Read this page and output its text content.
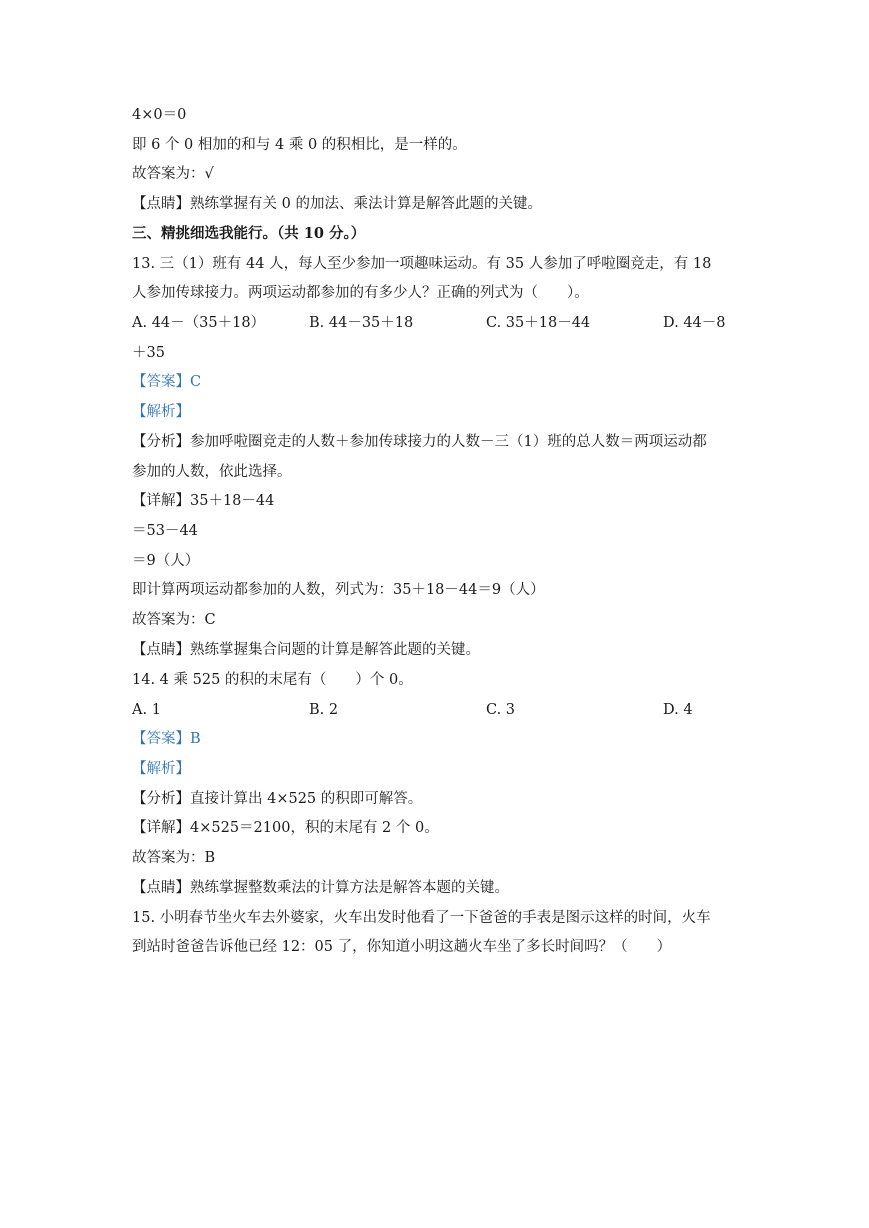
4×0＝0
即 6 个 0 相加的和与 4 乘 0 的积相比，是一样的。
故答案为：√
【点睛】熟练掌握有关 0 的加法、乘法计算是解答此题的关键。
三、精挑细选我能行。（共 10 分。）
13. 三（1）班有 44 人，每人至少参加一项趣味运动。有 35 人参加了呼啦圈竞走，有 18
人参加传球接力。两项运动都参加的有多少人？正确的列式为（　　）。
A. 44－（35＋18）	B. 44－35＋18	C. 35＋18－44	D. 44－8
＋35
【答案】C
【解析】
【分析】参加呼啦圈竞走的人数＋参加传球接力的人数－三（1）班的总人数＝两项运动都
参加的人数，依此选择。
【详解】35＋18－44
＝53－44
＝9（人）
即计算两项运动都参加的人数，列式为：35＋18－44＝9（人）
故答案为：C
【点睛】熟练掌握集合问题的计算是解答此题的关键。
14. 4 乘 525 的积的末尾有（　　）个 0。
A. 1	B. 2	C. 3	D. 4
【答案】B
【解析】
【分析】直接计算出 4×525 的积即可解答。
【详解】4×525＝2100，积的末尾有 2 个 0。
故答案为：B
【点睛】熟练掌握整数乘法的计算方法是解答本题的关键。
15. 小明春节坐火车去外婆家，火车出发时他看了一下爸爸的手表是图示这样的时间，火车
到站时爸爸告诉他已经 12：05 了，你知道小明这趟火车坐了多长时间吗？（　　）
